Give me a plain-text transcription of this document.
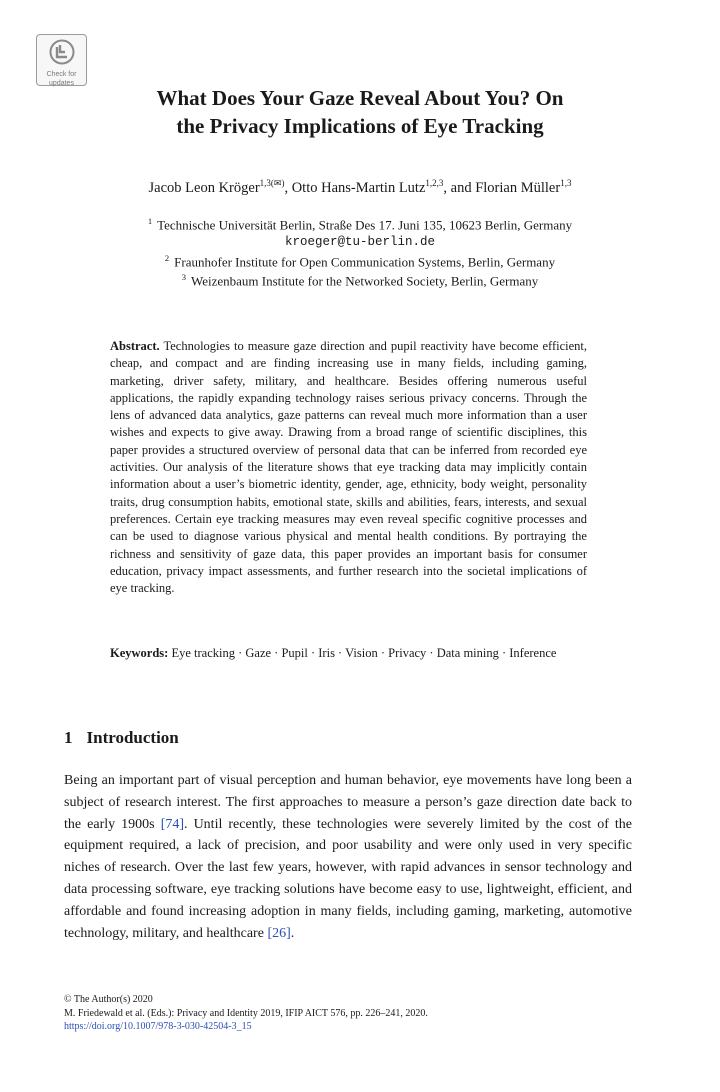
Check for
updates
What Does Your Gaze Reveal About You? On
the Privacy Implications of Eye Tracking

Jacob Leon Kröger$^{1,3(✉)}$, Otto Hans-Martin Lutz$^{1,2,3}$, and Florian Müller$^{1,3}$

$^1$ Technische Universität Berlin, Straße Des 17. Juni 135, 10623 Berlin, Germany

kroeger@tu-berlin.de

$^2$ Fraunhofer Institute for Open Communication Systems, Berlin, Germany

$^3$ Weizenbaum Institute for the Networked Society, Berlin, Germany

Abstract. Technologies to measure gaze direction and pupil reactivity have become efficient, cheap, and compact and are finding increasing use in many fields, including gaming, marketing, driver safety, military, and healthcare. Besides offering numerous useful applications, the rapidly expanding technology raises serious privacy concerns. Through the lens of advanced data analytics, gaze patterns can reveal much more information than a user wishes and expects to give away. Drawing from a broad range of scientific disciplines, this paper provides a structured overview of personal data that can be inferred from recorded eye activities. Our analysis of the literature shows that eye tracking data may implicitly contain information about a user’s biometric identity, gender, age, ethnicity, body weight, personality traits, drug consumption habits, emotional state, skills and abilities, fears, interests, and sexual preferences. Certain eye tracking measures may even reveal specific cognitive processes and can be used to diagnose various physical and mental health conditions. By portraying the richness and sensitivity of gaze data, this paper provides an important basis for consumer education, privacy impact assessments, and further research into the societal implications of eye tracking.

Keywords: Eye tracking · Gaze · Pupil · Iris · Vision · Privacy · Data mining · Inference

1 Introduction

Being an important part of visual perception and human behavior, eye movements have long been a subject of research interest. The first approaches to measure a person’s gaze direction date back to the early 1900s [74]. Until recently, these technologies were severely limited by the cost of the equipment required, a lack of precision, and poor usability and were only used in very specific niches of research. Over the last few years, however, with rapid advances in sensor technology and data processing software, eye tracking solutions have become easy to use, lightweight, efficient, and affordable and found increasing adoption in many fields, including gaming, marketing, automotive technology, military, and healthcare [26].

© The Author(s) 2020
M. Friedewald et al. (Eds.): Privacy and Identity 2019, IFIP AICT 576, pp. 226–241, 2020.
https://doi.org/10.1007/978-3-030-42504-3_15
